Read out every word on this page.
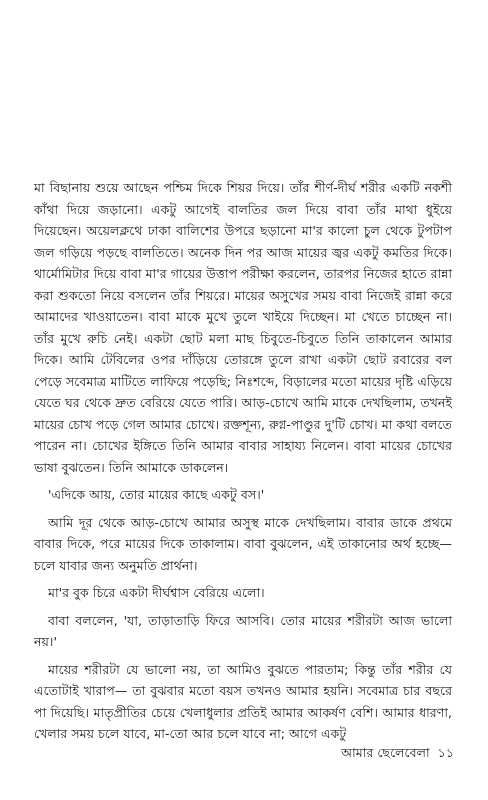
মা বিছানায় শুয়ে আছেন পশ্চিম দিকে শিয়র দিয়ে। তাঁর শীর্ণ-দীর্ঘ শরীর একটি নকশী কাঁথা দিয়ে জড়ানো। একটু আগেই বালতির জল দিয়ে বাবা তাঁর মাথা ধুইয়ে দিয়েছেন। অয়েলক্লথে ঢাকা বালিশের উপরে ছড়ানো মা'র কালো চুল থেকে টুপটাপ জল গড়িয়ে পড়ছে বালতিতে। অনেক দিন পর আজ মায়ের জ্বর একটু কমতির দিকে। থার্মোমিটার দিয়ে বাবা মা'র গায়ের উত্তাপ পরীক্ষা করলেন, তারপর নিজের হাতে রান্না করা শুকতো নিয়ে বসলেন তাঁর শিয়রে। মায়ের অসুখের সময় বাবা নিজেই রান্না করে আমাদের খাওয়াতেন। বাবা মাকে মুখে তুলে খাইয়ে দিচ্ছেন। মা খেতে চাচ্ছেন না। তাঁর মুখে রুচি নেই। একটা ছোট মলা মাছ চিবুতে-চিবুতে তিনি তাকালেন আমার দিকে। আমি টেবিলের ওপর দাঁড়িয়ে তোরঙ্গে তুলে রাখা একটা ছোট রবারের বল পেড়ে সবেমাত্র মাটিতে লাফিয়ে পড়েছি; নিঃশব্দে, বিড়ালের মতো মায়ের দৃষ্টি এড়িয়ে যেতে ঘর থেকে দ্রুত বেরিয়ে যেতে পারি। আড়-চোখে আমি মাকে দেখছিলাম, তখনই মায়ের চোখ পড়ে গেল আমার চোখে। রক্তশূন্য, রুগ্ন-পাণ্ডুর দু'টি চোখ। মা কথা বলতে পারেন না। চোখের ইঙ্গিতে তিনি আমার বাবার সাহায্য নিলেন। বাবা মায়ের চোখের ভাষা বুঝতেন। তিনি আমাকে ডাকলেন।

'এদিকে আয়, তোর মায়ের কাছে একটু বস।'

আমি দূর থেকে আড়-চোখে আমার অসুস্থ মাকে দেখছিলাম। বাবার ডাকে প্রথমে বাবার দিকে, পরে মায়ের দিকে তাকালাম। বাবা বুঝলেন, এই তাকানোর অর্থ হচ্ছে— চলে যাবার জন্য অনুমতি প্রার্থনা।

মা'র বুক চিরে একটা দীর্ঘশ্বাস বেরিয়ে এলো।

বাবা বললেন, 'যা, তাড়াতাড়ি ফিরে আসবি। তোর মায়ের শরীরটা আজ ভালো নয়।'

মায়ের শরীরটা যে ভালো নয়, তা আমিও বুঝতে পারতাম; কিন্তু তাঁর শরীর যে এতোটাই খারাপ— তা বুঝবার মতো বয়স তখনও আমার হয়নি। সবেমাত্র চার বছরে পা দিয়েছি। মাতৃপ্রীতির চেয়ে খেলাধুলার প্রতিই আমার আকর্ষণ বেশি। আমার ধারণা, খেলার সময় চলে যাবে, মা-তো আর চলে যাবে না; আগে একটু

আমার ছেলেবেলা ১১
